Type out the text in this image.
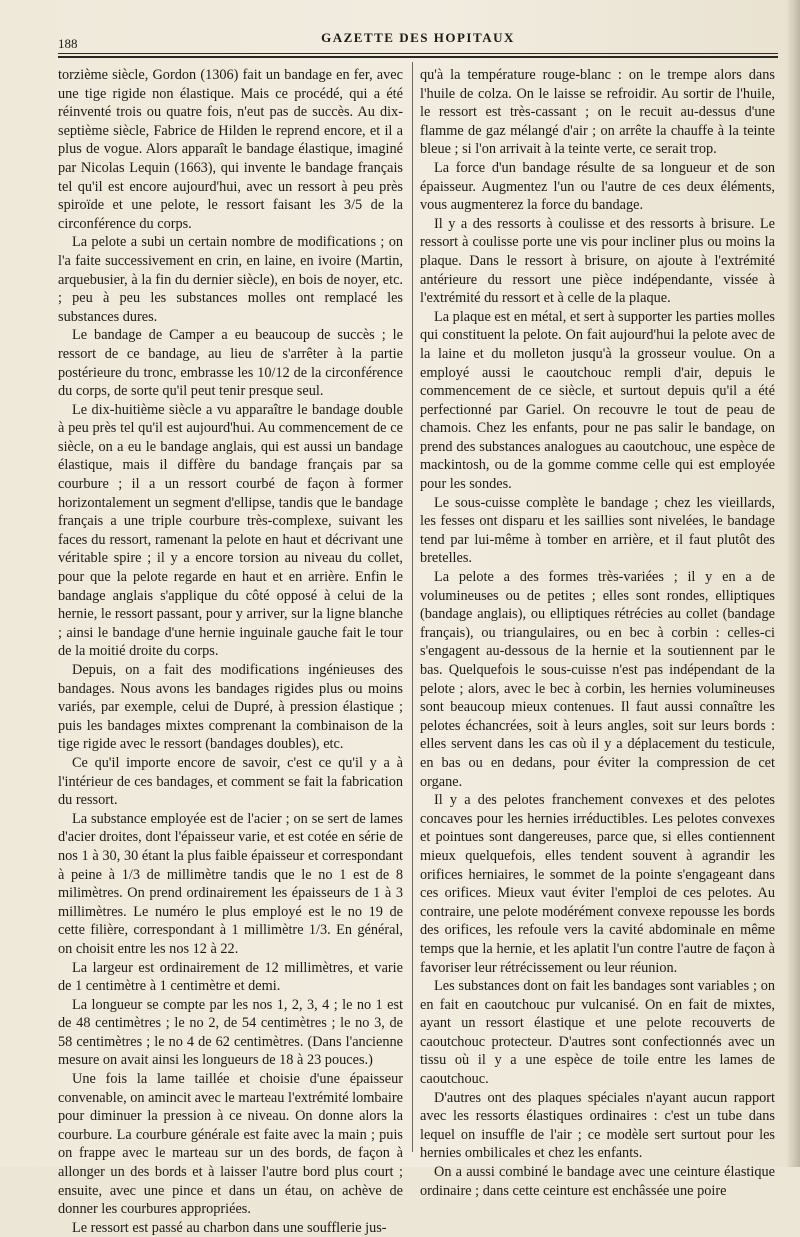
188	GAZETTE DES HOPITAUX

torzième siècle, Gordon (1306) fait un bandage en fer, avec une tige rigide non élastique. Mais ce procédé, qui a été réinventé trois ou quatre fois, n'eut pas de succès. Au dix-septième siècle, Fabrice de Hilden le reprend encore, et il a plus de vogue. Alors apparaît le bandage élastique, imaginé par Nicolas Lequin (1663), qui invente le bandage français tel qu'il est encore aujourd'hui, avec un ressort à peu près spiroïde et une pelote, le ressort faisant les 3/5 de la circonférence du corps.

La pelote a subi un certain nombre de modifications ; on l'a faite successivement en crin, en laine, en ivoire (Martin, arquebusier, à la fin du dernier siècle), en bois de noyer, etc. ; peu à peu les substances molles ont remplacé les substances dures.

Le bandage de Camper a eu beaucoup de succès ; le ressort de ce bandage, au lieu de s'arrêter à la partie postérieure du tronc, embrasse les 10/12 de la circonférence du corps, de sorte qu'il peut tenir presque seul.

Le dix-huitième siècle a vu apparaître le bandage double à peu près tel qu'il est aujourd'hui. Au commencement de ce siècle, on a eu le bandage anglais, qui est aussi un bandage élastique, mais il diffère du bandage français par sa courbure ; il a un ressort courbé de façon à former horizontalement un segment d'ellipse, tandis que le bandage français a une triple courbure très-complexe, suivant les faces du ressort, ramenant la pelote en haut et décrivant une véritable spire ; il y a encore torsion au niveau du collet, pour que la pelote regarde en haut et en arrière. Enfin le bandage anglais s'applique du côté opposé à celui de la hernie, le ressort passant, pour y arriver, sur la ligne blanche ; ainsi le bandage d'une hernie inguinale gauche fait le tour de la moitié droite du corps.

Depuis, on a fait des modifications ingénieuses des bandages. Nous avons les bandages rigides plus ou moins variés, par exemple, celui de Dupré, à pression élastique ; puis les bandages mixtes comprenant la combinaison de la tige rigide avec le ressort (bandages doubles), etc.

Ce qu'il importe encore de savoir, c'est ce qu'il y a à l'intérieur de ces bandages, et comment se fait la fabrication du ressort.

La substance employée est de l'acier ; on se sert de lames d'acier droites, dont l'épaisseur varie, et est cotée en série de nos 1 à 30, 30 étant la plus faible épaisseur et correspondant à peine à 1/3 de millimètre tandis que le no 1 est de 8 milimètres. On prend ordinairement les épaisseurs de 1 à 3 millimètres. Le numéro le plus employé est le no 19 de cette filière, correspondant à 1 millimètre 1/3. En général, on choisit entre les nos 12 à 22.

La largeur est ordinairement de 12 millimètres, et varie de 1 centimètre à 1 centimètre et demi.

La longueur se compte par les nos 1, 2, 3, 4 ; le no 1 est de 48 centimètres ; le no 2, de 54 centimètres ; le no 3, de 58 centimètres ; le no 4 de 62 centimètres. (Dans l'ancienne mesure on avait ainsi les longueurs de 18 à 23 pouces.)

Une fois la lame taillée et choisie d'une épaisseur convenable, on amincit avec le marteau l'extrémité lombaire pour diminuer la pression à ce niveau. On donne alors la courbure. La courbure générale est faite avec la main ; puis on frappe avec le marteau sur un des bords, de façon à allonger un des bords et à laisser l'autre bord plus court ; ensuite, avec une pince et dans un étau, on achève de donner les courbures appropriées.

Le ressort est passé au charbon dans une soufflerie jus-

qu'à la température rouge-blanc : on le trempe alors dans l'huile de colza. On le laisse se refroidir. Au sortir de l'huile, le ressort est très-cassant ; on le recuit au-dessus d'une flamme de gaz mélangé d'air ; on arrête la chauffe à la teinte bleue ; si l'on arrivait à la teinte verte, ce serait trop.

La force d'un bandage résulte de sa longueur et de son épaisseur. Augmentez l'un ou l'autre de ces deux éléments, vous augmenterez la force du bandage.

Il y a des ressorts à coulisse et des ressorts à brisure. Le ressort à coulisse porte une vis pour incliner plus ou moins la plaque. Dans le ressort à brisure, on ajoute à l'extrémité antérieure du ressort une pièce indépendante, vissée à l'extrémité du ressort et à celle de la plaque.

La plaque est en métal, et sert à supporter les parties molles qui constituent la pelote. On fait aujourd'hui la pelote avec de la laine et du molleton jusqu'à la grosseur voulue. On a employé aussi le caoutchouc rempli d'air, depuis le commencement de ce siècle, et surtout depuis qu'il a été perfectionné par Gariel. On recouvre le tout de peau de chamois. Chez les enfants, pour ne pas salir le bandage, on prend des substances analogues au caoutchouc, une espèce de mackintosh, ou de la gomme comme celle qui est employée pour les sondes.

Le sous-cuisse complète le bandage ; chez les vieillards, les fesses ont disparu et les saillies sont nivelées, le bandage tend par lui-même à tomber en arrière, et il faut plutôt des bretelles.

La pelote a des formes très-variées ; il y en a de volumineuses ou de petites ; elles sont rondes, elliptiques (bandage anglais), ou elliptiques rétrécies au collet (bandage français), ou triangulaires, ou en bec à corbin : celles-ci s'engagent au-dessous de la hernie et la soutiennent par le bas. Quelquefois le sous-cuisse n'est pas indépendant de la pelote ; alors, avec le bec à corbin, les hernies volumineuses sont beaucoup mieux contenues. Il faut aussi connaître les pelotes échancrées, soit à leurs angles, soit sur leurs bords : elles servent dans les cas où il y a déplacement du testicule, en bas ou en dedans, pour éviter la compression de cet organe.

Il y a des pelotes franchement convexes et des pelotes concaves pour les hernies irréductibles. Les pelotes convexes et pointues sont dangereuses, parce que, si elles contiennent mieux quelquefois, elles tendent souvent à agrandir les orifices herniaires, le sommet de la pointe s'engageant dans ces orifices. Mieux vaut éviter l'emploi de ces pelotes. Au contraire, une pelote modérément convexe repousse les bords des orifices, les refoule vers la cavité abdominale en même temps que la hernie, et les aplatit l'un contre l'autre de façon à favoriser leur rétrécissement ou leur réunion.

Les substances dont on fait les bandages sont variables ; on en fait en caoutchouc pur vulcanisé. On en fait de mixtes, ayant un ressort élastique et une pelote recouverts de caoutchouc protecteur. D'autres sont confectionnés avec un tissu où il y a une espèce de toile entre les lames de caoutchouc.

D'autres ont des plaques spéciales n'ayant aucun rapport avec les ressorts élastiques ordinaires : c'est un tube dans lequel on insuffle de l'air ; ce modèle sert surtout pour les hernies ombilicales et chez les enfants.

On a aussi combiné le bandage avec une ceinture élastique ordinaire ; dans cette ceinture est enchâssée une poire
